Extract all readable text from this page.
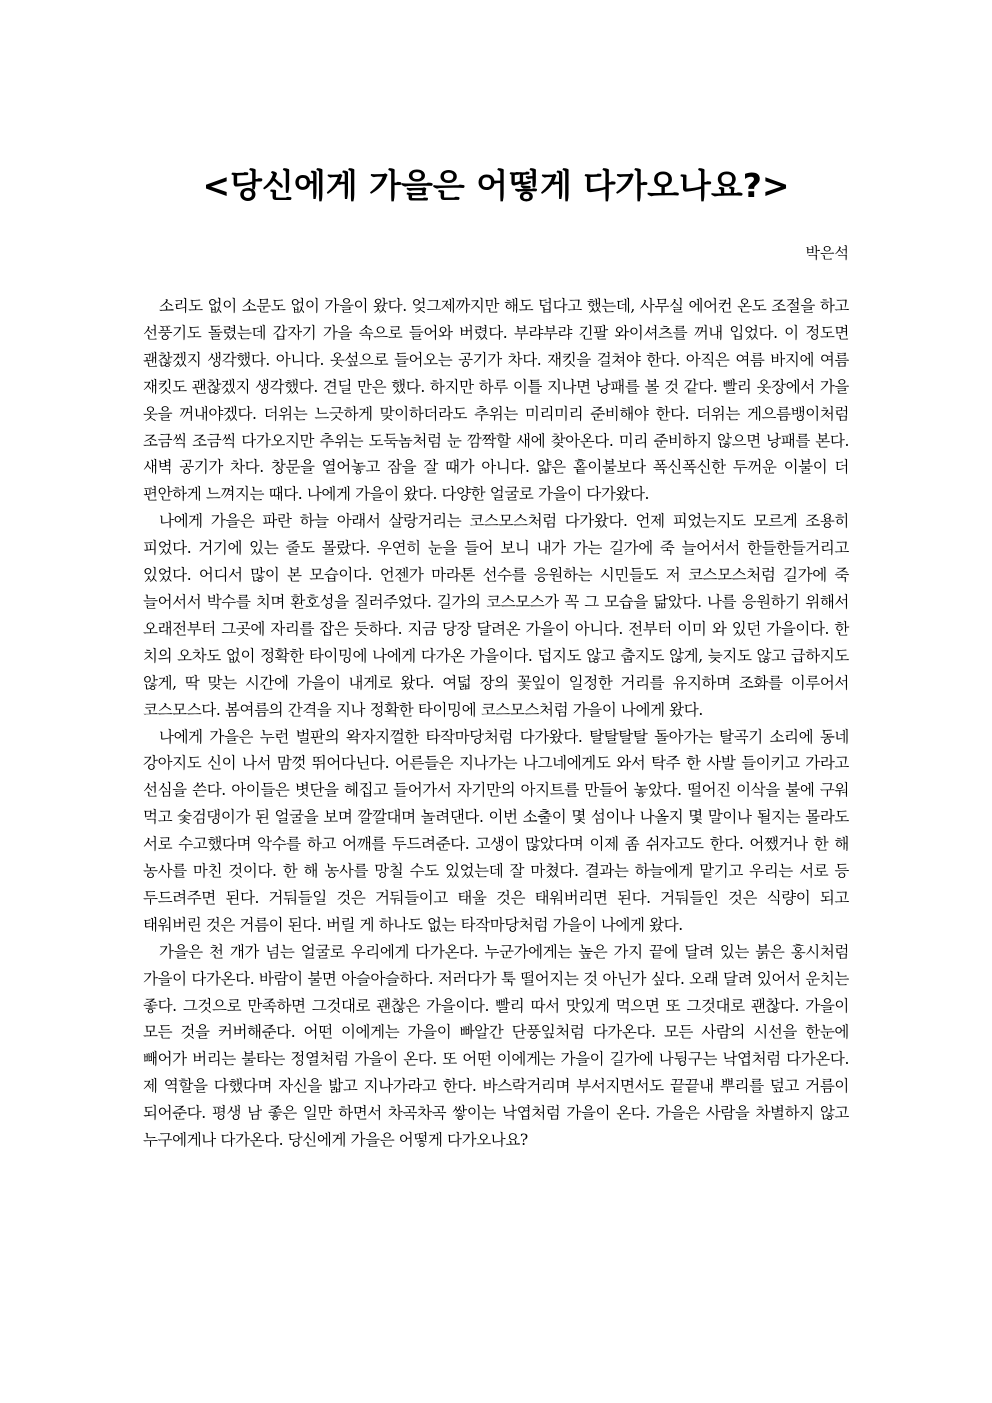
<당신에게 가을은 어떻게 다가오나요?>
박은석

소리도 없이 소문도 없이 가을이 왔다. 엊그제까지만 해도 덥다고 했는데, 사무실 에어컨 온도 조절을 하고 선풍기도 돌렸는데 갑자기 가을 속으로 들어와 버렸다. 부랴부랴 긴팔 와이셔츠를 꺼내 입었다. 이 정도면 괜찮겠지 생각했다. 아니다. 옷섶으로 들어오는 공기가 차다. 재킷을 걸쳐야 한다. 아직은 여름 바지에 여름 재킷도 괜찮겠지 생각했다. 견딜 만은 했다. 하지만 하루 이틀 지나면 낭패를 볼 것 같다. 빨리 옷장에서 가을 옷을 꺼내야겠다. 더위는 느긋하게 맞이하더라도 추위는 미리미리 준비해야 한다. 더위는 게으름뱅이처럼 조금씩 조금씩 다가오지만 추위는 도둑놈처럼 눈 깜짝할 새에 찾아온다. 미리 준비하지 않으면 낭패를 본다. 새벽 공기가 차다. 창문을 열어놓고 잠을 잘 때가 아니다. 얇은 홑이불보다 폭신폭신한 두꺼운 이불이 더 편안하게 느껴지는 때다. 나에게 가을이 왔다. 다양한 얼굴로 가을이 다가왔다.

나에게 가을은 파란 하늘 아래서 살랑거리는 코스모스처럼 다가왔다. 언제 피었는지도 모르게 조용히 피었다. 거기에 있는 줄도 몰랐다. 우연히 눈을 들어 보니 내가 가는 길가에 죽 늘어서서 한들한들거리고 있었다. 어디서 많이 본 모습이다. 언젠가 마라톤 선수를 응원하는 시민들도 저 코스모스처럼 길가에 죽 늘어서서 박수를 치며 환호성을 질러주었다. 길가의 코스모스가 꼭 그 모습을 닮았다. 나를 응원하기 위해서 오래전부터 그곳에 자리를 잡은 듯하다. 지금 당장 달려온 가을이 아니다. 전부터 이미 와 있던 가을이다. 한 치의 오차도 없이 정확한 타이밍에 나에게 다가온 가을이다. 덥지도 않고 춥지도 않게, 늦지도 않고 급하지도 않게, 딱 맞는 시간에 가을이 내게로 왔다. 여덟 장의 꽃잎이 일정한 거리를 유지하며 조화를 이루어서 코스모스다. 봄여름의 간격을 지나 정확한 타이밍에 코스모스처럼 가을이 나에게 왔다.

나에게 가을은 누런 벌판의 왁자지껄한 타작마당처럼 다가왔다. 탈탈탈탈 돌아가는 탈곡기 소리에 동네 강아지도 신이 나서 맘껏 뛰어다닌다. 어른들은 지나가는 나그네에게도 와서 탁주 한 사발 들이키고 가라고 선심을 쓴다. 아이들은 볏단을 헤집고 들어가서 자기만의 아지트를 만들어 놓았다. 떨어진 이삭을 불에 구워 먹고 숯검댕이가 된 얼굴을 보며 깔깔대며 놀려댄다. 이번 소출이 몇 섬이나 나올지 몇 말이나 될지는 몰라도 서로 수고했다며 악수를 하고 어깨를 두드려준다. 고생이 많았다며 이제 좀 쉬자고도 한다. 어쨌거나 한 해 농사를 마친 것이다. 한 해 농사를 망칠 수도 있었는데 잘 마쳤다. 결과는 하늘에게 맡기고 우리는 서로 등 두드려주면 된다. 거둬들일 것은 거둬들이고 태울 것은 태워버리면 된다. 거둬들인 것은 식량이 되고 태워버린 것은 거름이 된다. 버릴 게 하나도 없는 타작마당처럼 가을이 나에게 왔다.

가을은 천 개가 넘는 얼굴로 우리에게 다가온다. 누군가에게는 높은 가지 끝에 달려 있는 붉은 홍시처럼 가을이 다가온다. 바람이 불면 아슬아슬하다. 저러다가 툭 떨어지는 것 아닌가 싶다. 오래 달려 있어서 운치는 좋다. 그것으로 만족하면 그것대로 괜찮은 가을이다. 빨리 따서 맛있게 먹으면 또 그것대로 괜찮다. 가을이 모든 것을 커버해준다. 어떤 이에게는 가을이 빠알간 단풍잎처럼 다가온다. 모든 사람의 시선을 한눈에 빼어가 버리는 불타는 정열처럼 가을이 온다. 또 어떤 이에게는 가을이 길가에 나뒹구는 낙엽처럼 다가온다. 제 역할을 다했다며 자신을 밟고 지나가라고 한다. 바스락거리며 부서지면서도 끝끝내 뿌리를 덮고 거름이 되어준다. 평생 남 좋은 일만 하면서 차곡차곡 쌓이는 낙엽처럼 가을이 온다. 가을은 사람을 차별하지 않고 누구에게나 다가온다. 당신에게 가을은 어떻게 다가오나요?
